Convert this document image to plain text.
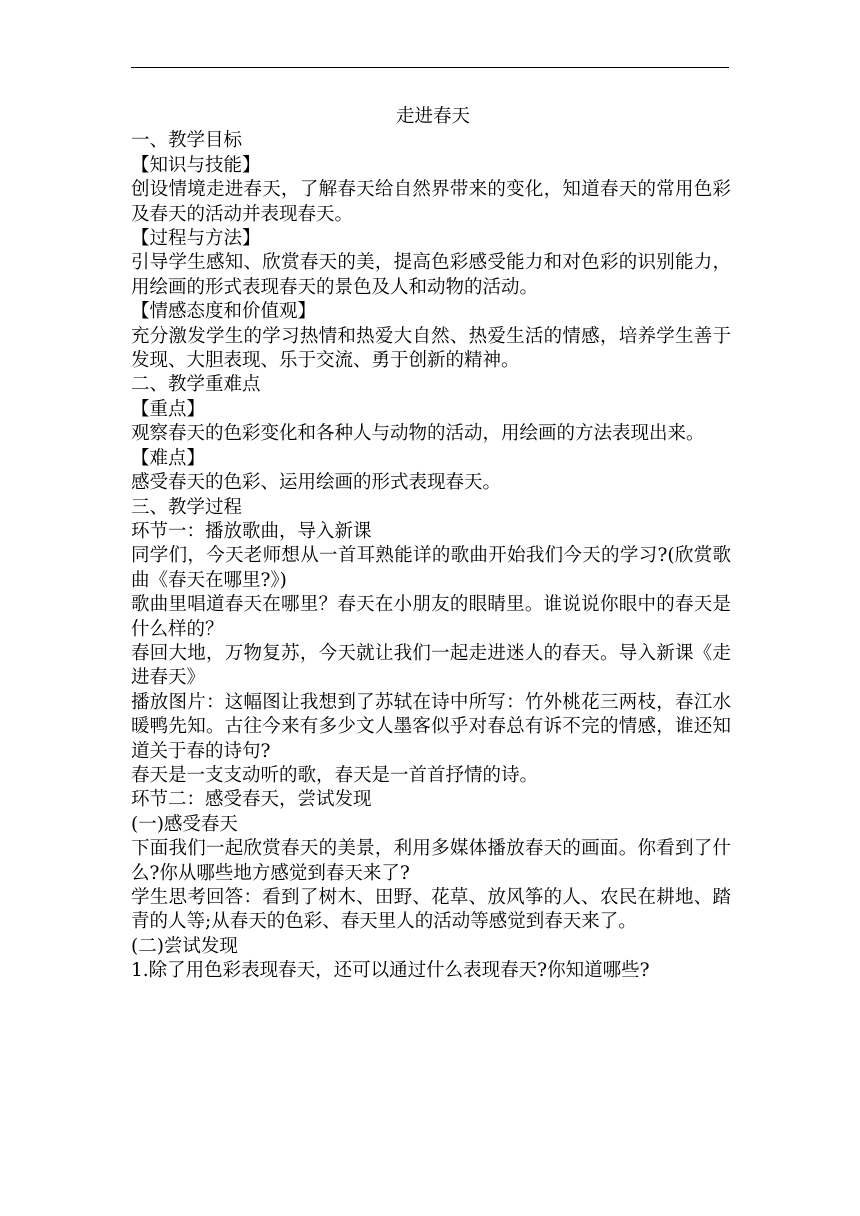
走进春天

一、教学目标

【知识与技能】

创设情境走进春天，了解春天给自然界带来的变化，知道春天的常用色彩及春天的活动并表现春天。

【过程与方法】

引导学生感知、欣赏春天的美，提高色彩感受能力和对色彩的识别能力，用绘画的形式表现春天的景色及人和动物的活动。

【情感态度和价值观】

充分激发学生的学习热情和热爱大自然、热爱生活的情感，培养学生善于发现、大胆表现、乐于交流、勇于创新的精神。

二、教学重难点

【重点】

观察春天的色彩变化和各种人与动物的活动，用绘画的方法表现出来。

【难点】

感受春天的色彩、运用绘画的形式表现春天。

三、教学过程

环节一：播放歌曲，导入新课

同学们，今天老师想从一首耳熟能详的歌曲开始我们今天的学习?(欣赏歌曲《春天在哪里?》)

歌曲里唱道春天在哪里？春天在小朋友的眼睛里。谁说说你眼中的春天是什么样的？

春回大地，万物复苏，今天就让我们一起走进迷人的春天。导入新课《走进春天》

播放图片：这幅图让我想到了苏轼在诗中所写：竹外桃花三两枝，春江水暖鸭先知。古往今来有多少文人墨客似乎对春总有诉不完的情感，谁还知道关于春的诗句?

春天是一支支动听的歌，春天是一首首抒情的诗。

环节二：感受春天，尝试发现

(一)感受春天

下面我们一起欣赏春天的美景，利用多媒体播放春天的画面。你看到了什么?你从哪些地方感觉到春天来了?

学生思考回答：看到了树木、田野、花草、放风筝的人、农民在耕地、踏青的人等;从春天的色彩、春天里人的活动等感觉到春天来了。

(二)尝试发现

1.除了用色彩表现春天，还可以通过什么表现春天?你知道哪些?
